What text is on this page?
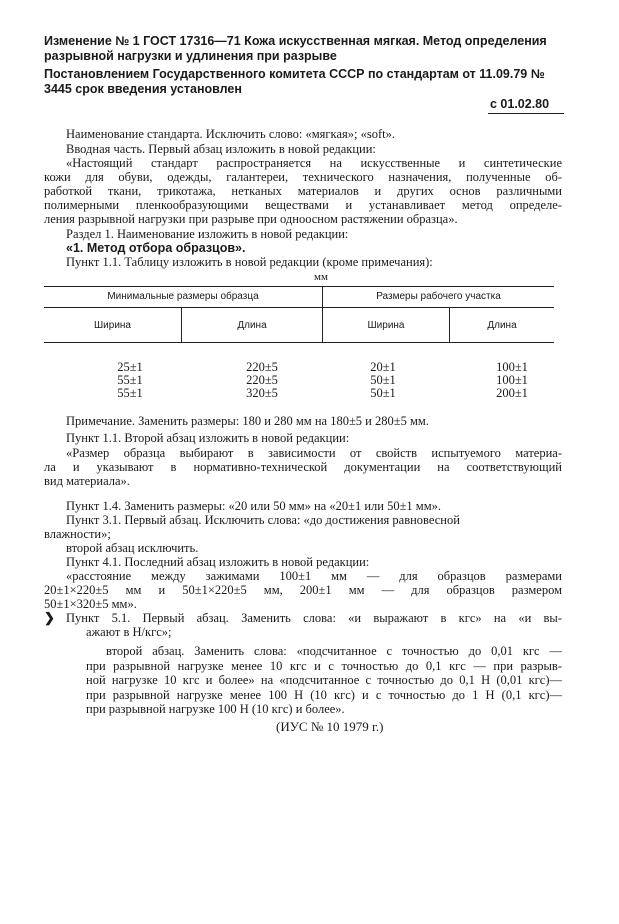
Изменение № 1 ГОСТ 17316—71 Кожа искусственная мягкая. Метод определения разрывной нагрузки и удлинения при разрыве
Постановлением Государственного комитета СССР по стандартам от 11.09.79 № 3445 срок введения установлен
с 01.02.80
Наименование стандарта. Исключить слово: «мягкая»; «soft».
Вводная часть. Первый абзац изложить в новой редакции:
«Настоящий стандарт распространяется на искусственные и синтетические
кожи для обуви, одежды, галантереи, технического назначения, полученные об-
работкой ткани, трикотажа, нетканых материалов и других основ различными
полимерными пленкообразующими веществами и устанавливает метод определе-
ления разрывной нагрузки при разрыве при одноосном растяжении образца».
Раздел 1. Наименование изложить в новой редакции:
«1. Метод отбора образцов».
Пункт 1.1. Таблицу изложить в новой редакции (кроме примечания):
мм
Минимальные размеры образца	Размеры рабочего участка
Ширина	Длина	Ширина	Длина
25±1	220±5	20±1	100±1
55±1	220±5	50±1	100±1
55±1	320±5	50±1	200±1
Примечание. Заменить размеры: 180 и 280 мм на 180±5 и 280±5 мм.
Пункт 1.1. Второй абзац изложить в новой редакции:
«Размер образца выбирают в зависимости от свойств испытуемого материа-
ла и указывают в нормативно-технической документации на соответствующий
вид материала».
Пункт 1.4. Заменить размеры: «20 или 50 мм» на «20±1 или 50±1 мм».
Пункт 3.1. Первый абзац. Исключить слова: «до достижения равновесной
влажности»;
второй абзац исключить.
Пункт 4.1. Последний абзац изложить в новой редакции:
«расстояние между зажимами 100±1 мм — для образцов размерами
20±1×220±5 мм и 50±1×220±5 мм, 200±1 мм — для образцов размером
50±1×320±5 мм».
❯ Пункт 5.1. Первый абзац. Заменить слова: «и выражают в кгс» на «и вы-
ажают в Н/кгс»;
второй абзац. Заменить слова: «подсчитанное с точностью до 0,01 кгс —
при разрывной нагрузке менее 10 кгс и с точностью до 0,1 кгс — при разрыв-
ной нагрузке 10 кгс и более» на «подсчитанное с точностью до 0,1 Н (0,01 кгс)—
при разрывной нагрузке менее 100 Н (10 кгс) и с точностью до 1 Н (0,1 кгс)—
при разрывной нагрузке 100 Н (10 кгс) и более».
(ИУС № 10 1979 г.)
